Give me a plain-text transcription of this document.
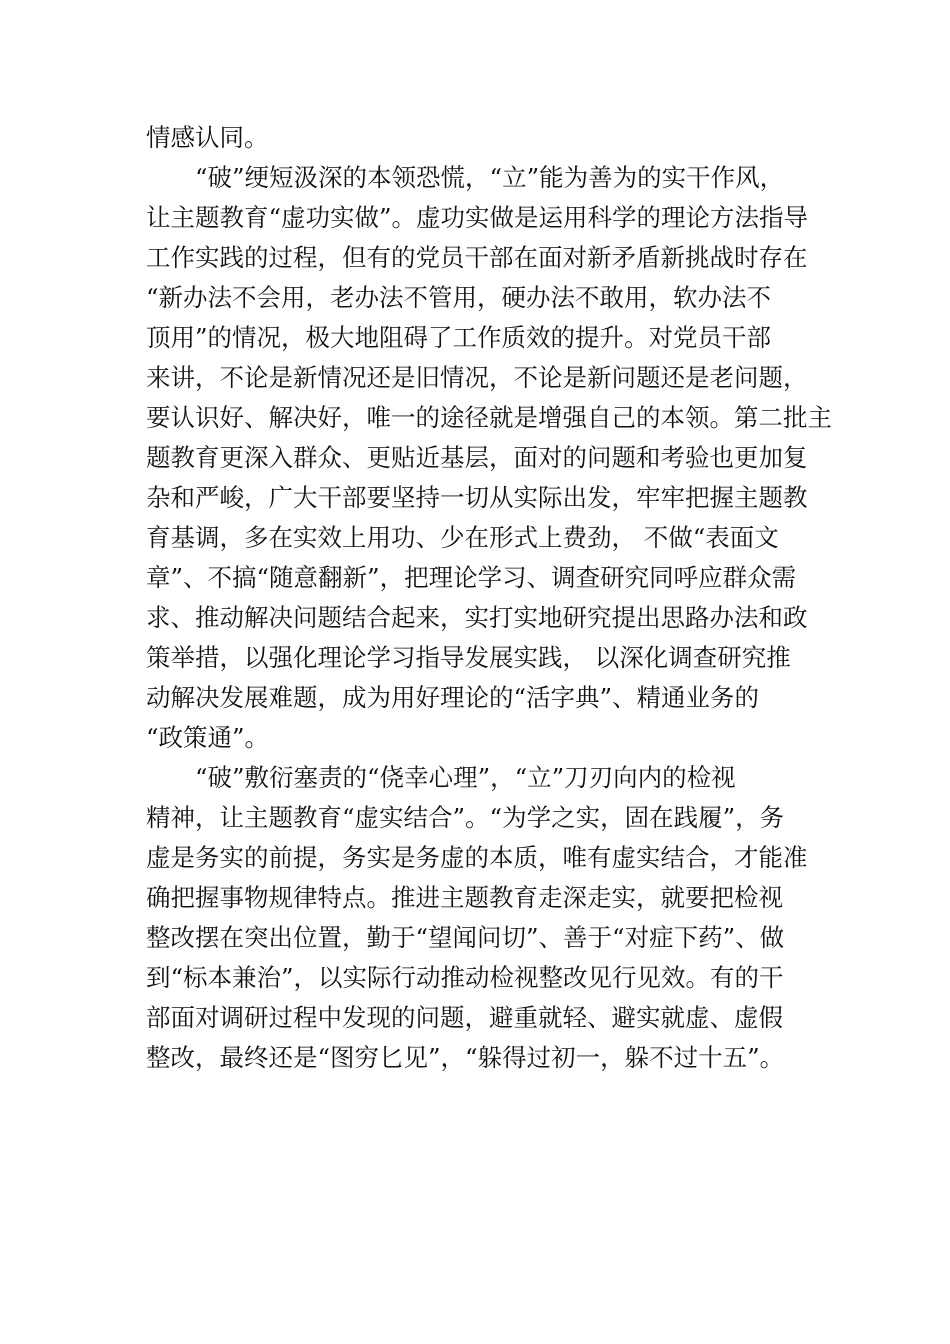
情感认同。
“破”绠短汲深的本领恐慌，“立”能为善为的实干作风，
让主题教育“虚功实做”。虚功实做是运用科学的理论方法指导
工作实践的过程，但有的党员干部在面对新矛盾新挑战时存在
“新办法不会用，老办法不管用，硬办法不敢用，软办法不
顶用”的情况，极大地阻碍了工作质效的提升。对党员干部
来讲，不论是新情况还是旧情况，不论是新问题还是老问题，
要认识好、解决好，唯一的途径就是增强自己的本领。第二批主
题教育更深入群众、更贴近基层，面对的问题和考验也更加复
杂和严峻，广大干部要坚持一切从实际出发，牢牢把握主题教
育基调，多在实效上用功、少在形式上费劲， 不做“表面文
章”、不搞“随意翻新”，把理论学习、调查研究同呼应群众需
求、推动解决问题结合起来，实打实地研究提出思路办法和政
策举措，以强化理论学习指导发展实践， 以深化调查研究推
动解决发展难题，成为用好理论的“活字典”、精通业务的
“政策通”。
“破”敷衍塞责的“侥幸心理”，“立”刀刃向内的检视
精神，让主题教育“虚实结合”。“为学之实，固在践履”，务
虚是务实的前提，务实是务虚的本质，唯有虚实结合，才能准
确把握事物规律特点。推进主题教育走深走实，就要把检视
整改摆在突出位置，勤于“望闻问切”、善于“对症下药”、做
到“标本兼治”，以实际行动推动检视整改见行见效。有的干
部面对调研过程中发现的问题，避重就轻、避实就虚、虚假
整改，最终还是“图穷匕见”，“躲得过初一，躲不过十五”。
